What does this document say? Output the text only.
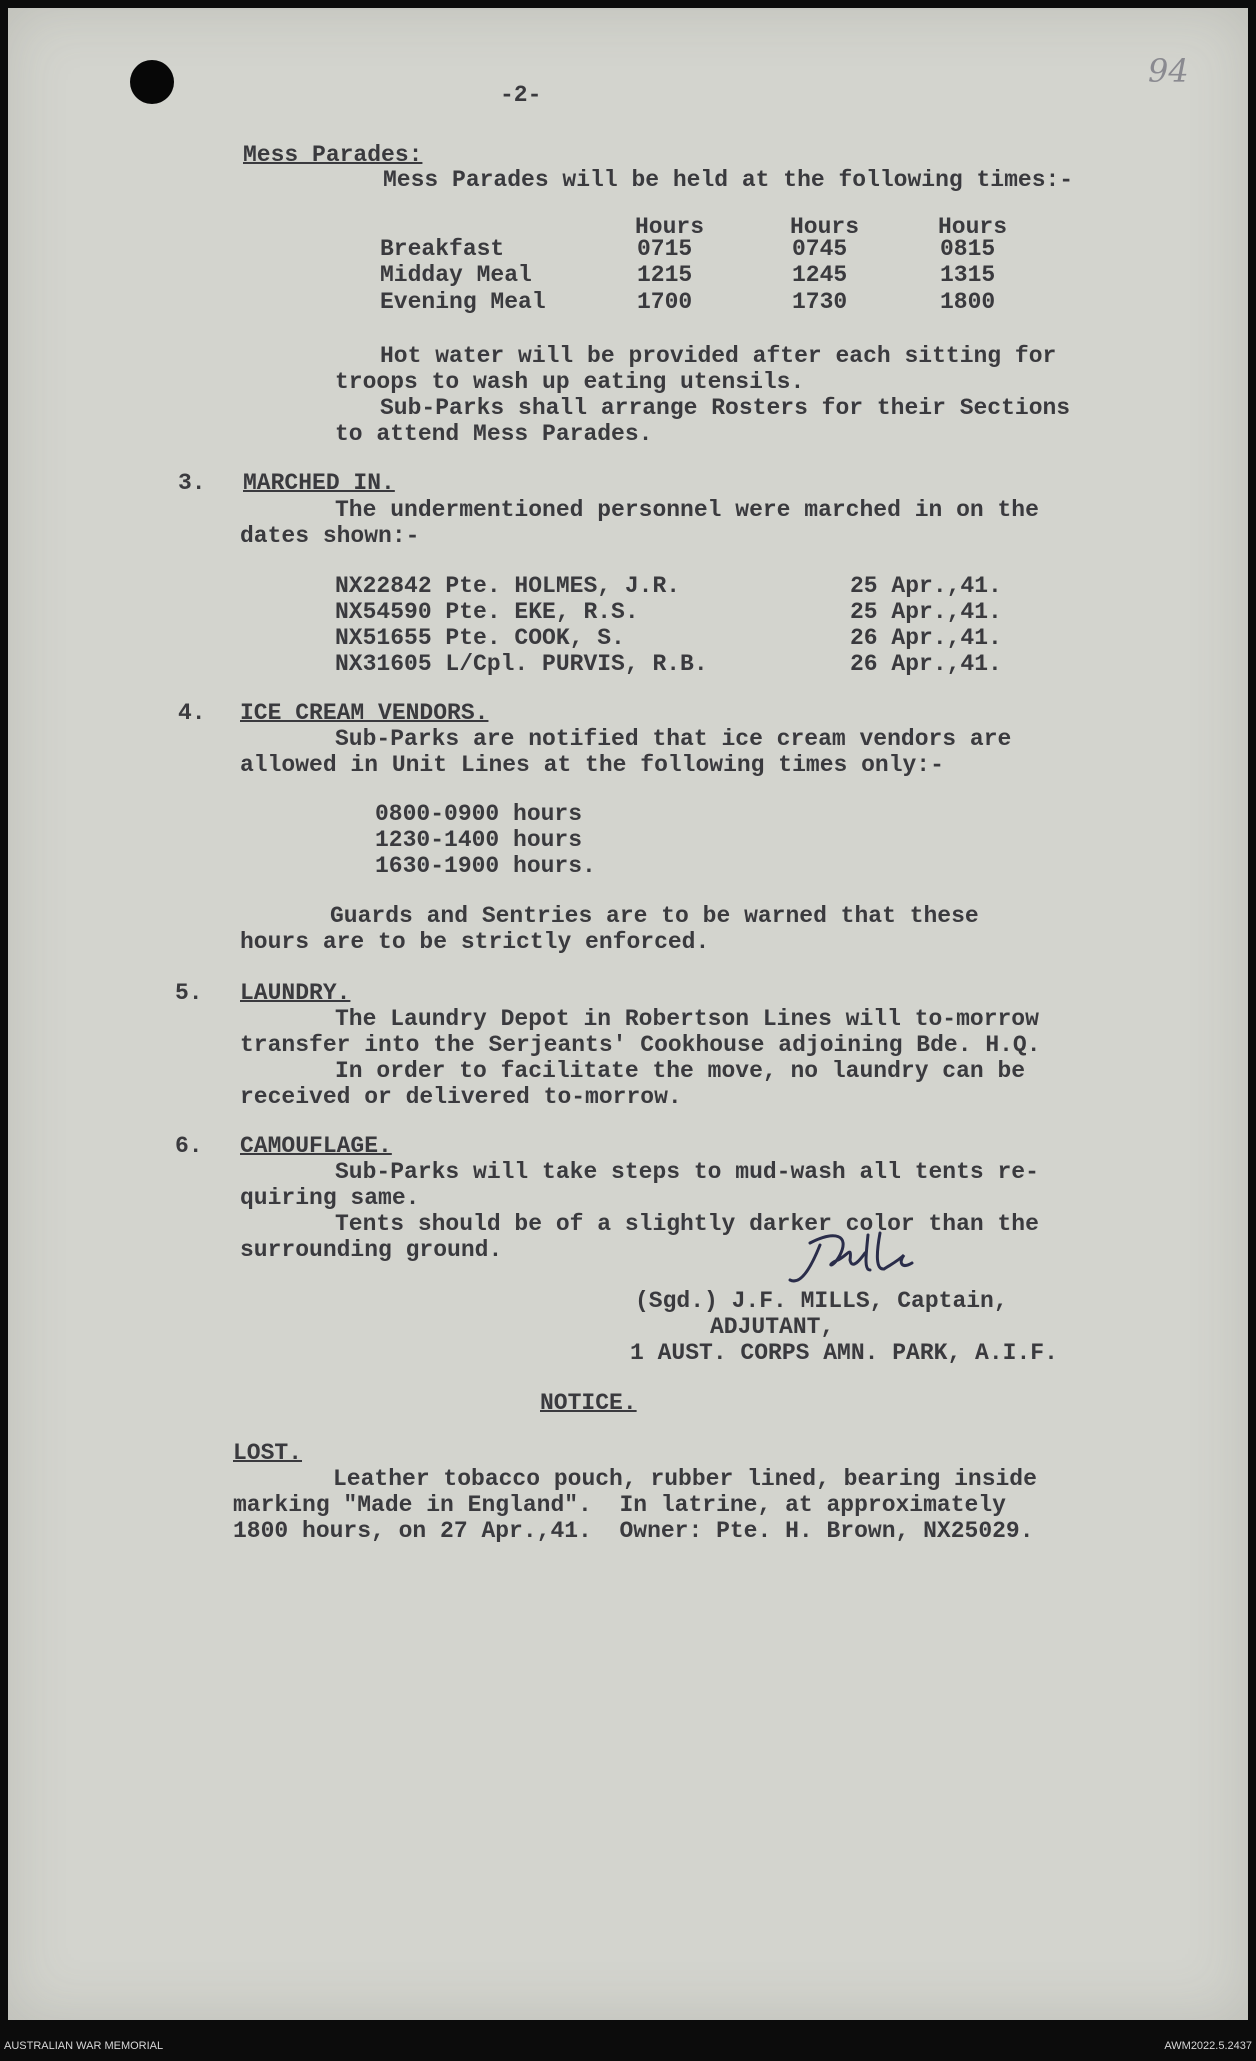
94
-2-
Mess Parades:
Mess Parades will be held at the following times:-
Hours	Hours	Hours
Breakfast	0715	0745	0815
Midday Meal	1215	1245	1315
Evening Meal	1700	1730	1800
Hot water will be provided after each sitting for
troops to wash up eating utensils.
Sub-Parks shall arrange Rosters for their Sections
to attend Mess Parades.
3. MARCHED IN.
The undermentioned personnel were marched in on the
dates shown:-
NX22842 Pte. HOLMES, J.R.	25 Apr.,41.
NX54590 Pte. EKE, R.S.	25 Apr.,41.
NX51655 Pte. COOK, S.	26 Apr.,41.
NX31605 L/Cpl. PURVIS, R.B.	26 Apr.,41.
4. ICE CREAM VENDORS.
Sub-Parks are notified that ice cream vendors are
allowed in Unit Lines at the following times only:-
0800-0900 hours
1230-1400 hours
1630-1900 hours.
Guards and Sentries are to be warned that these
hours are to be strictly enforced.
5. LAUNDRY.
The Laundry Depot in Robertson Lines will to-morrow
transfer into the Serjeants' Cookhouse adjoining Bde. H.Q.
In order to facilitate the move, no laundry can be
received or delivered to-morrow.
6. CAMOUFLAGE.
Sub-Parks will take steps to mud-wash all tents re-
quiring same.
Tents should be of a slightly darker color than the
surrounding ground.
(Sgd.) J.F. MILLS, Captain,
ADJUTANT,
1 AUST. CORPS AMN. PARK, A.I.F.
NOTICE.
LOST.
Leather tobacco pouch, rubber lined, bearing inside
marking "Made in England".  In latrine, at approximately
1800 hours, on 27 Apr.,41.  Owner: Pte. H. Brown, NX25029.
AUSTRALIAN WAR MEMORIAL	AWM2022.5.2437
